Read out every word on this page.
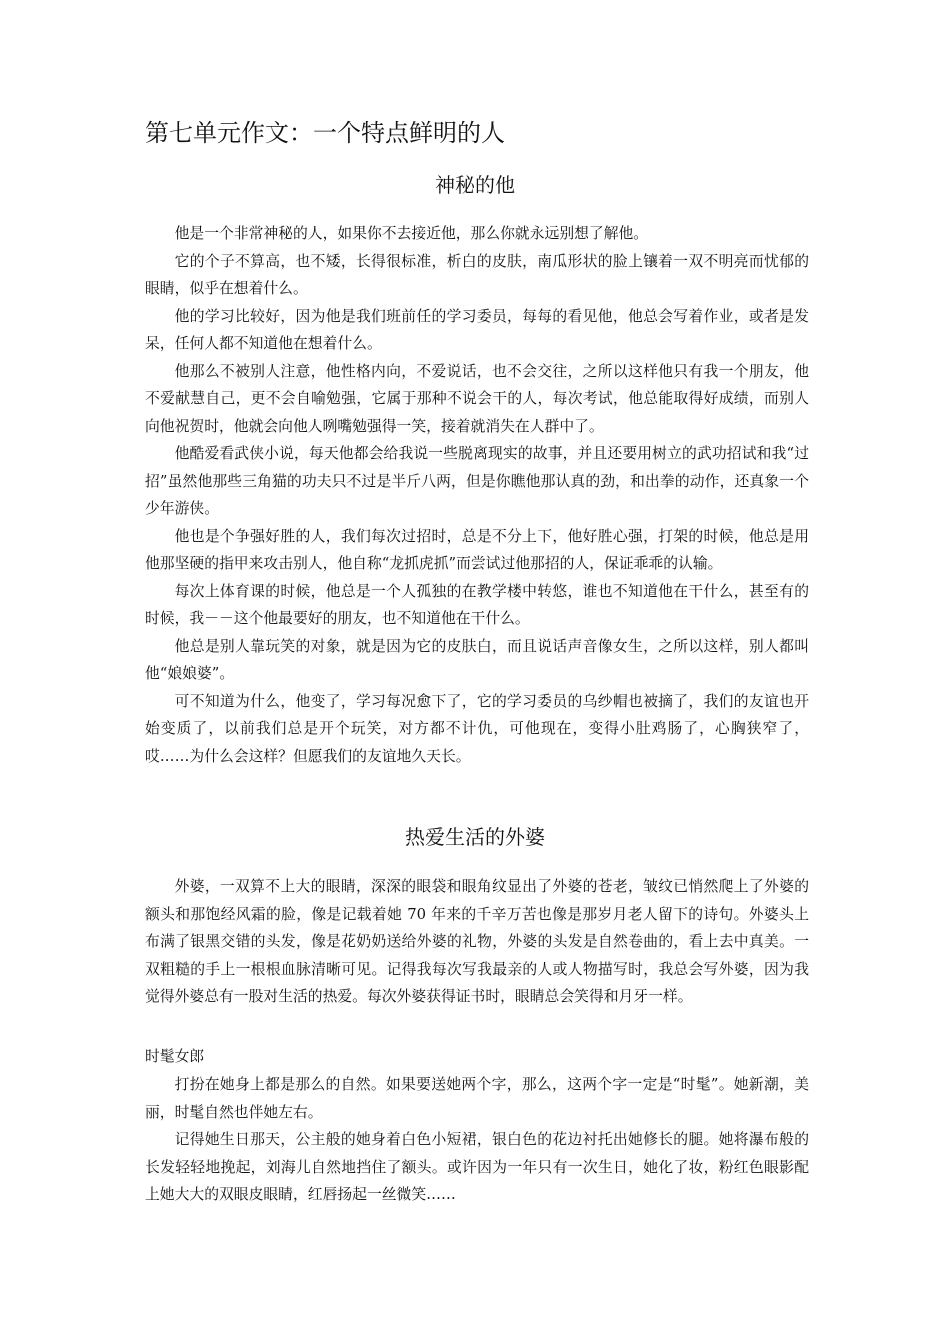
第七单元作文：一个特点鲜明的人
神秘的他

他是一个非常神秘的人，如果你不去接近他，那么你就永远别想了解他。

它的个子不算高，也不矮，长得很标准，析白的皮肤，南瓜形状的脸上镶着一双不明亮而忧郁的眼睛，似乎在想着什么。

他的学习比较好，因为他是我们班前任的学习委员，每每的看见他，他总会写着作业，或者是发呆，任何人都不知道他在想着什么。

他那么不被别人注意，他性格内向，不爱说话，也不会交往，之所以这样他只有我一个朋友，他不爱献慧自己，更不会自喻勉强，它属于那种不说会干的人，每次考试，他总能取得好成绩，而别人向他祝贺时，他就会向他人咧嘴勉强得一笑，接着就消失在人群中了。

他酷爱看武侠小说，每天他都会给我说一些脱离现实的故事，并且还要用树立的武功招试和我“过招”虽然他那些三角猫的功夫只不过是半斤八两，但是你瞧他那认真的劲，和出拳的动作，还真象一个少年游侠。

他也是个争强好胜的人，我们每次过招时，总是不分上下，他好胜心强，打架的时候，他总是用他那坚硬的指甲来攻击别人，他自称“龙抓虎抓”而尝试过他那招的人，保证乖乖的认输。

每次上体育课的时候，他总是一个人孤独的在教学楼中转悠，谁也不知道他在干什么，甚至有的时候，我－－这个他最要好的朋友，也不知道他在干什么。

他总是别人靠玩笑的对象，就是因为它的皮肤白，而且说话声音像女生，之所以这样，别人都叫他“娘娘婆”。

可不知道为什么，他变了，学习每况愈下了，它的学习委员的乌纱帽也被摘了，我们的友谊也开始变质了，以前我们总是开个玩笑，对方都不计仇，可他现在，变得小肚鸡肠了，心胸狭窄了，哎……为什么会这样？但愿我们的友谊地久天长。

热爱生活的外婆

外婆，一双算不上大的眼睛，深深的眼袋和眼角纹显出了外婆的苍老，皱纹已悄然爬上了外婆的额头和那饱经风霜的脸，像是记载着她 70 年来的千辛万苦也像是那岁月老人留下的诗句。外婆头上布满了银黑交错的头发，像是花奶奶送给外婆的礼物，外婆的头发是自然卷曲的，看上去中真美。一双粗糙的手上一根根血脉清晰可见。记得我每次写我最亲的人或人物描写时，我总会写外婆，因为我觉得外婆总有一股对生活的热爱。每次外婆获得证书时，眼睛总会笑得和月牙一样。

时髦女郎

打扮在她身上都是那么的自然。如果要送她两个字，那么，这两个字一定是“时髦”。她新潮，美丽，时髦自然也伴她左右。

记得她生日那天，公主般的她身着白色小短裙，银白色的花边衬托出她修长的腿。她将瀑布般的长发轻轻地挽起，刘海儿自然地挡住了额头。或许因为一年只有一次生日，她化了妆，粉红色眼影配上她大大的双眼皮眼睛，红唇扬起一丝微笑……
